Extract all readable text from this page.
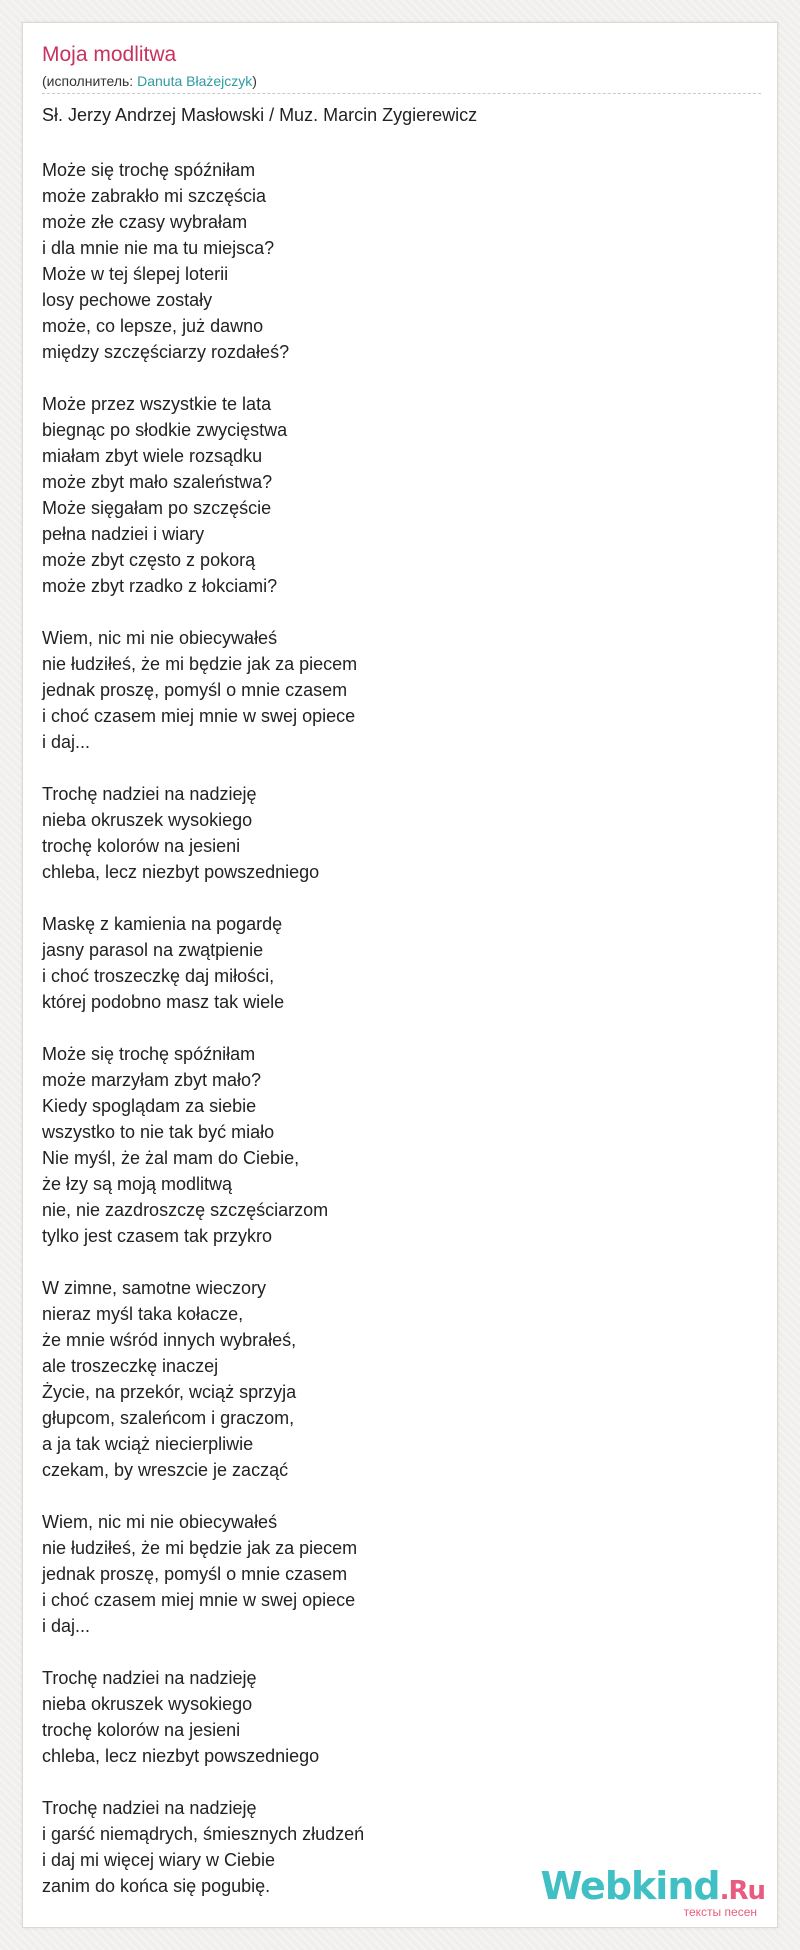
Moja modlitwa
(исполнитель: Danuta Błażejczyk)
Sł. Jerzy Andrzej Masłowski / Muz. Marcin Zygierewicz
Może się trochę spóźniłam
może zabrakło mi szczęścia
może złe czasy wybrałam
i dla mnie nie ma tu miejsca?
Może w tej ślepej loterii
losy pechowe zostały
może, co lepsze, już dawno
między szczęściarzy rozdałeś?
Może przez wszystkie te lata
biegnąc po słodkie zwycięstwa
miałam zbyt wiele rozsądku
może zbyt mało szaleństwa?
Może sięgałam po szczęście
pełna nadziei i wiary
może zbyt często z pokorą
może zbyt rzadko z łokciami?
Wiem, nic mi nie obiecywałeś
nie łudziłeś, że mi będzie jak za piecem
jednak proszę, pomyśl o mnie czasem
i choć czasem miej mnie w swej opiece
i daj...
Trochę nadziei na nadzieję
nieba okruszek wysokiego
trochę kolorów na jesieni
chleba, lecz niezbyt powszedniego
Maskę z kamienia na pogardę
jasny parasol na zwątpienie
i choć troszeczkę daj miłości,
której podobno masz tak wiele
Może się trochę spóźniłam
może marzyłam zbyt mało?
Kiedy spoglądam za siebie
wszystko to nie tak być miało
Nie myśl, że żal mam do Ciebie,
że łzy są moją modlitwą
nie, nie zazdroszczę szczęściarzom
tylko jest czasem tak przykro
W zimne, samotne wieczory
nieraz myśl taka kołacze,
że mnie wśród innych wybrałeś,
ale troszeczkę inaczej
Życie, na przekór, wciąż sprzyja
głupcom, szaleńcom i graczom,
a ja tak wciąż niecierpliwie
czekam, by wreszcie je zacząć
Wiem, nic mi nie obiecywałeś
nie łudziłeś, że mi będzie jak za piecem
jednak proszę, pomyśl o mnie czasem
i choć czasem miej mnie w swej opiece
i daj...
Trochę nadziei na nadzieję
nieba okruszek wysokiego
trochę kolorów na jesieni
chleba, lecz niezbyt powszedniego
Trochę nadziei na nadzieję
i garść niemądrych, śmiesznych złudzeń
i daj mi więcej wiary w Ciebie
zanim do końca się pogubię.	Webkind.Ru
тексты песен
